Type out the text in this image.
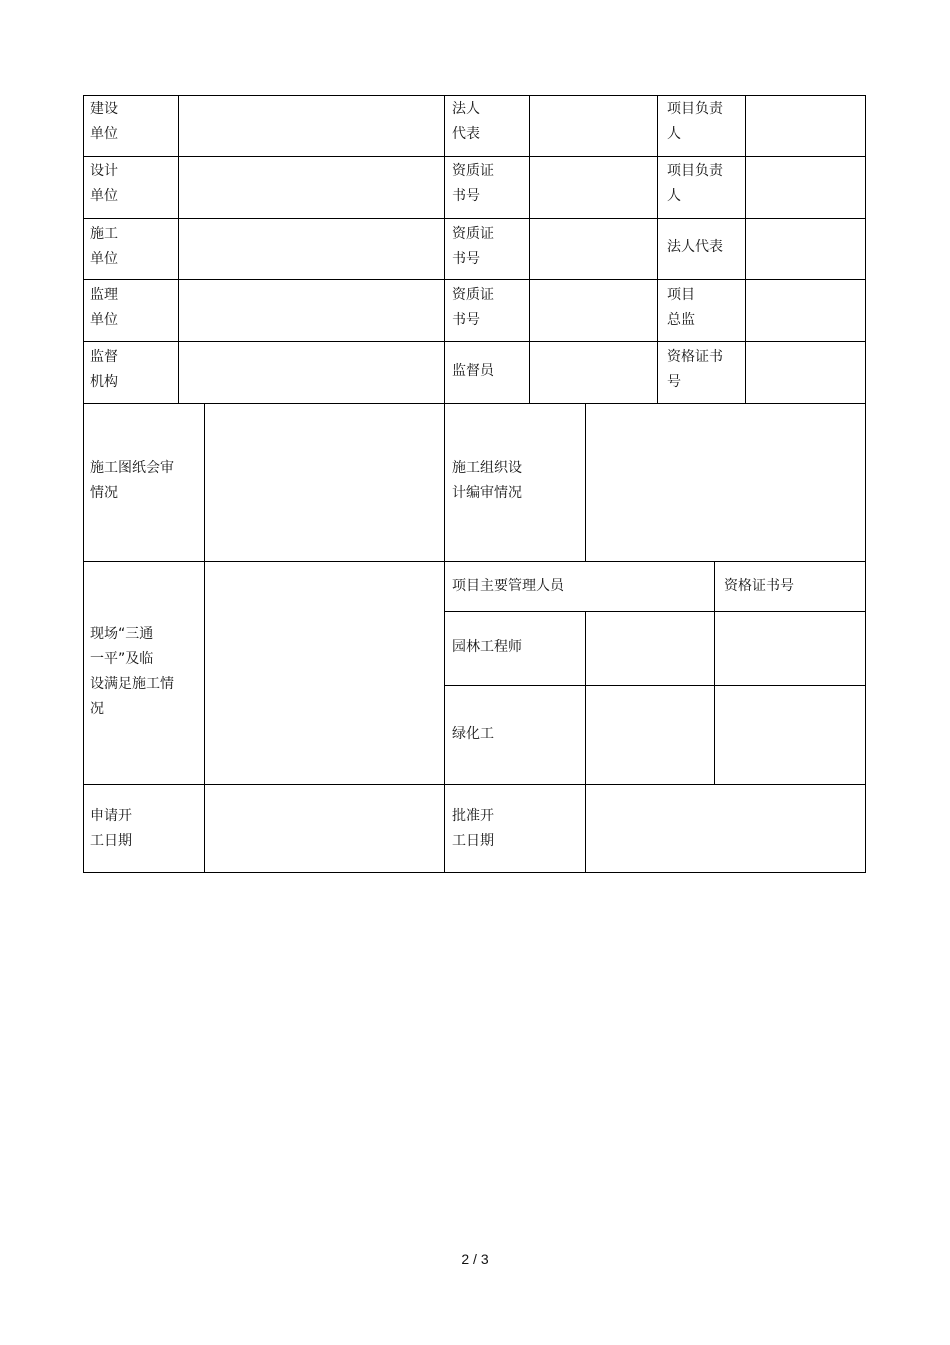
建设
单位
法人
代表
项目负责
人
设计
单位
资质证
书号
项目负责
人
施工
单位
资质证
书号
法人代表
监理
单位
资质证
书号
项目
总监
监督
机构
监督员
资格证书
号
施工图纸会审
情况
施工组织设
计编审情况
现场“三通
一平”及临
设满足施工情
况
项目主要管理人员	资格证书号
园林工程师
绿化工
申请开
工日期
批准开
工日期
2 / 3
